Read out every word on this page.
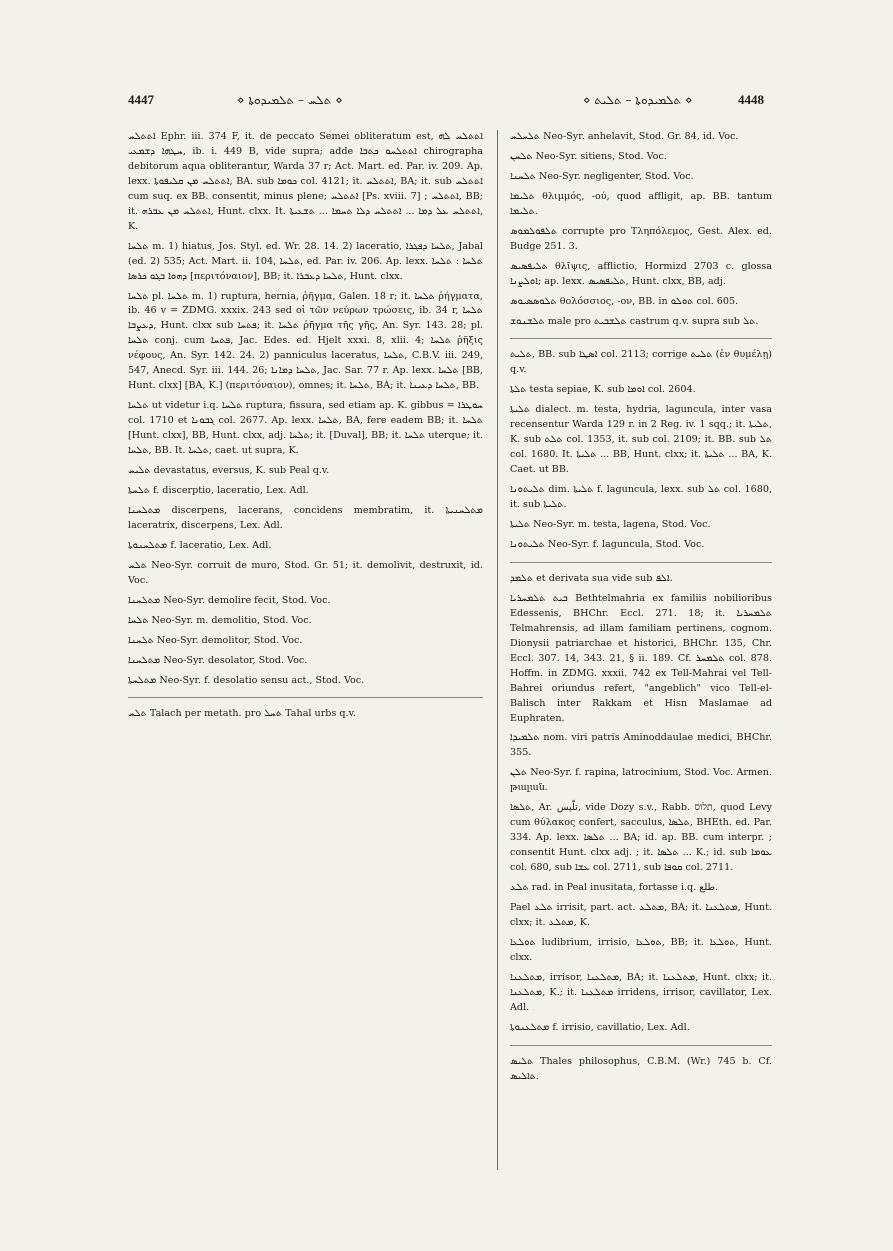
4447	⋄ ܬܠܚ – ܬܠܡܝܕܘܬܐ ⋄	⋄ ܬܠܡܝܕܘܬܐ – ܬܠܝܬ ⋄	4448

ܐܬܬܠܚ Ephr. iii. 374 F, it. de peccato Semei obliteratum est, ܐܬܬܠܚ ܠܗ ܚܛܗܐ ܕܫܡܥܝ, ib. i. 449 B, vide supra; adde ܐܬܬܠܚܘ ܟܬܒܐ chirographa debitorum aqua obliterantur, Warda 37 r; Act. Mart. ed. Par. iv. 209. Ap. lexx. ܐܬܬܠܚ ܡܢ ܩܠܝܦܘܬܐ, BA. sub ܟܘܡܐ col. 4121; it. ܐܬܬܠܚ, BA; it. sub ܐܬܬܠܚ cum suq. ex BB. consentit, minus plene; ܐܬܬܠܚ [Ps. xviii. 7] ; ܐܬܬܠܚ, BB; it. ܐܬܬܠܚ ܡܢ ܥܒܪܗ, Hunt. clxx. It. ܐܬܬܠܚ ܥܠ ܕܡܐ ... ܐܬܬܠܚ ܕܠܐ ܬܚܡܐ ... ܬܫܥܝܬܐ, K.

ܬܠܚܐ m. 1) hiatus, Jos. Styl. ed. Wr. 28. 14. 2) laceratio, ܬܠܚܐ ܕܦܓܪܐ, Jabal (ed. 2) 535; Act. Mart. ii. 104, ܬܠܚܐ, ed. Par. iv. 206. Ap. lexx. ܬܠܚܐ : ܬܠܚܐ ܕܗܘܐ ܒܓܘ ܟܪܣܐ [περιτόναιον], BB; it. ܬܠܚܐ ܕܥܒܪܐ, Hunt. clxx.

ܬܠܚܐ pl. ܬܠܚܐ m. 1) ruptura, hernia, ῥῆγμα, Galen. 18 r; it. ܬܠܚܐ ῥήγματα, ib. 46 v = ZDMG. xxxix. 243 sed οἱ τῶν νεύρων τρώσεις, ib. 34 r, ܬܠܚܐ ܕܥܨܒܐ, Hunt. clxx sub ܦܬܚܐ; it. ܬܠܚܐ ῥῆγμα τῆς γῆς, An. Syr. 143. 28; pl. ܬܠܚܐ conj. cum ܦܬܚܐ, Jac. Edes. ed. Hjelt xxxi. 8, xlii. 4; ܬܠܚܐ ῥῆξις νέφους, An. Syr. 142. 24. 2) panniculus laceratus, ܬܠܚܐ, C.B.V. iii. 249, 547, Anecd. Syr. iii. 144. 26; ܬܠܚܐ ܕܡܐܢܐ, Jac. Sar. 77 r. Ap. lexx. ܬܠܚܐ [BB, Hunt. clxx] [BA, K.] (περιτόναιον), omnes; it. ܬܠܚܐ, BA; it. ܬܠܚܐ ܕܥܝܢܐ, BB.

ܬܠܚܐ ut videtur i.q. ܬܠܚܐ ruptura, fissura, sed etiam ap. K. gibbus = ܚܘܛܪܐ col. 1710 et ܓܒܘܢܐ col. 2677. Ap. lexx. ܬܠܚܐ, BA, fere eadem BB; it. ܬܠܚܐ [Hunt. clxx], BB, Hunt. clxx, adj. ܬܠܚܐ; it. [Duval], BB; it. ܬܠܚܐ uterque; it. ܬܠܚܐ, BB. It. ܬܠܚܐ, caet. ut supra, K.

ܬܠܝܚ devastatus, eversus, K. sub Peal q.v.

ܬܠܚܬܐ f. discerptio, laceratio, Lex. Adl.

ܡܬܠܚܢܐ discerpens, lacerans, concidens membratim, it. ܡܬܠܚܢܝܬܐ laceratrix, discerpens, Lex. Adl.

ܡܬܠܚܢܘܬܐ f. laceratio, Lex. Adl.

ܬܠܚ Neo-Syr. corruit de muro, Stod. Gr. 51; it. demolivit, destruxit, id. Voc.

ܡܬܠܚܢܐ Neo-Syr. demolire fecit, Stod. Voc.

ܬܠܚܐ Neo-Syr. m. demolitio, Stod. Voc.

ܬܠܚܢܐ Neo-Syr. demolitor, Stod. Voc.

ܡܬܠܚܢܐ Neo-Syr. desolator, Stod. Voc.

ܡܬܠܚܬܐ Neo-Syr. f. desolatio sensu act., Stod. Voc.

ܬܠܚ Talach per metath. pro ܬܚܠ Tahal urbs q.v.

ܬܠܚܠܚ Neo-Syr. anhelavit, Stod. Gr. 84, id. Voc.

ܬܠܚܢ Neo-Syr. sitiens, Stod. Voc.

ܬܠܚܢܐ Neo-Syr. negligenter, Stod. Voc.

ܬܠܝܡܐ θλιμμός, -ού, quod affligit, ap. BB. tantum ܬܠܝܡܐ.

ܬܠܦܘܠܡܘܣ corrupte pro Τληπόλεμος, Gest. Alex. ed. Budge 251. 3.

ܬܠܝܦܣܝܣ θλῖψις, afflictio, Hormizd 2703 c. glossa ܐܘܠܨܢܐ; ap. lexx. ܬܠܝܦܣܝܣ, Hunt. clxx, BB, adj.

ܬܠܘܣܣܝܘܣ θολόσσιος, -ον, BB. in ܬܘܠܘ col. 605.

ܬܠܫܢܘܫ male pro ܬܠܫܒܝܬ castrum q.v. supra sub ܬܠ.

ܬܠܝܬ, BB. sub ܐܣܛܐ col. 2113; corrige ܬܠܝܬ (ἐν θυμέλῃ) q.v.

ܬܠܬܐ testa sepiae, K. sub ܐܘܡܐ col. 2604.

ܬܠܝܬܐ dialect. m. testa, hydria, laguncula, inter vasa recensentur Warda 129 r. in 2 Reg. iv. 1 sqq.; it. ܬܠܝܬܐ, K. sub ܬܠܬ col. 1353, it. sub col. 2109; it. BB. sub ܬܠ col. 1680. It. ܬܠܝܬܐ ... BB, Hunt. clxx; it. ܬܠܝܬܐ ... BA, K. Caet. ut BB.

ܬܠܝܬܘܢܐ dim. ܬܠܝܬܐ f. laguncula, lexx. sub ܬܠ col. 1680, it. sub ܬܠܝܬܐ.

ܬܠܝܬܐ Neo-Syr. m. testa, lagena, Stod. Voc.

ܬܠܝܬܘܢܐ Neo-Syr. f. laguncula, Stod. Voc.

ܬܠܡܕ et derivata sua vide sub ܐܠܦ.

ܒܝܬ ܬܠܡܚܪܝܐ Bethtelmahria ex familiis nobilioribus Edessenis, BHChr. Eccl. 271. 18; it. ܬܠܡܚܪܝܐ Telmahrensis, ad illam familiam pertinens, cognom. Dionysii patriarchae et historici, BHChr. 135, Chr. Eccl. 307. 14, 343. 21, § ii. 189. Cf. ܬܠܡܚܪ col. 878. Hoffm. in ZDMG. xxxii. 742 ex Tell-Mahrai vel Tell-Bahrei oriundus refert, "angeblich" vico Tell-el-Balisch inter Rakkam et Hisn Maslamae ad Euphraten.

ܬܠܡܝܕܐ nom. viri patris Aminoddaulae medici, BHChr. 355.

ܬܠܢ Neo-Syr. f. rapina, latrocinium, Stod. Voc. Armen. թալան.

ܬܠܣܐ, Ar. تلّيس, vide Dozy s.v., Rabb. תלוס, quod Levy cum θύλακος confert, sacculus, ܬܠܣܐ, BHEth. ed. Par. 334. Ap. lexx. ܬܠܣܐ ... BA; id. ap. BB. cum interpr. ; consentit Hunt. clxx adj. ; it. ܬܠܣܐ ... K.; id. sub ܥܘܡܐ col. 680, sub ܥܫܐ col. 2711, sub ܩܘܦܐ col. 2711.

ܬܠܥ rad. in Peal inusitata, fortasse i.q. طلع.

Pael ܬܠܥ irrisit, part. act. ܡܬܠܥ, BA; it. ܡܬܠܥܢܐ, Hunt. clxx; it. ܡܬܠܥ, K.

ܬܘܠܥܐ ludibrium, irrisio, ܬܘܠܥܐ, BB; it. ܬܘܠܥܐ, Hunt. clxx.

ܡܬܠܥܢܐ, irrisor, ܡܬܠܥܢܐ, BA; it. ܡܬܠܥܢܐ, Hunt. clxx; it. ܡܬܠܥܢܐ, K.; it. ܡܬܠܥܢܐ irridens, irrisor, cavillator, Lex. Adl.

ܡܬܠܥܢܘܬܐ f. irrisio, cavillatio, Lex. Adl.

ܬܠܝܣ Thales philosophus, C.B.M. (Wr.) 745 b. Cf. ܬܐܠܝܣ.
